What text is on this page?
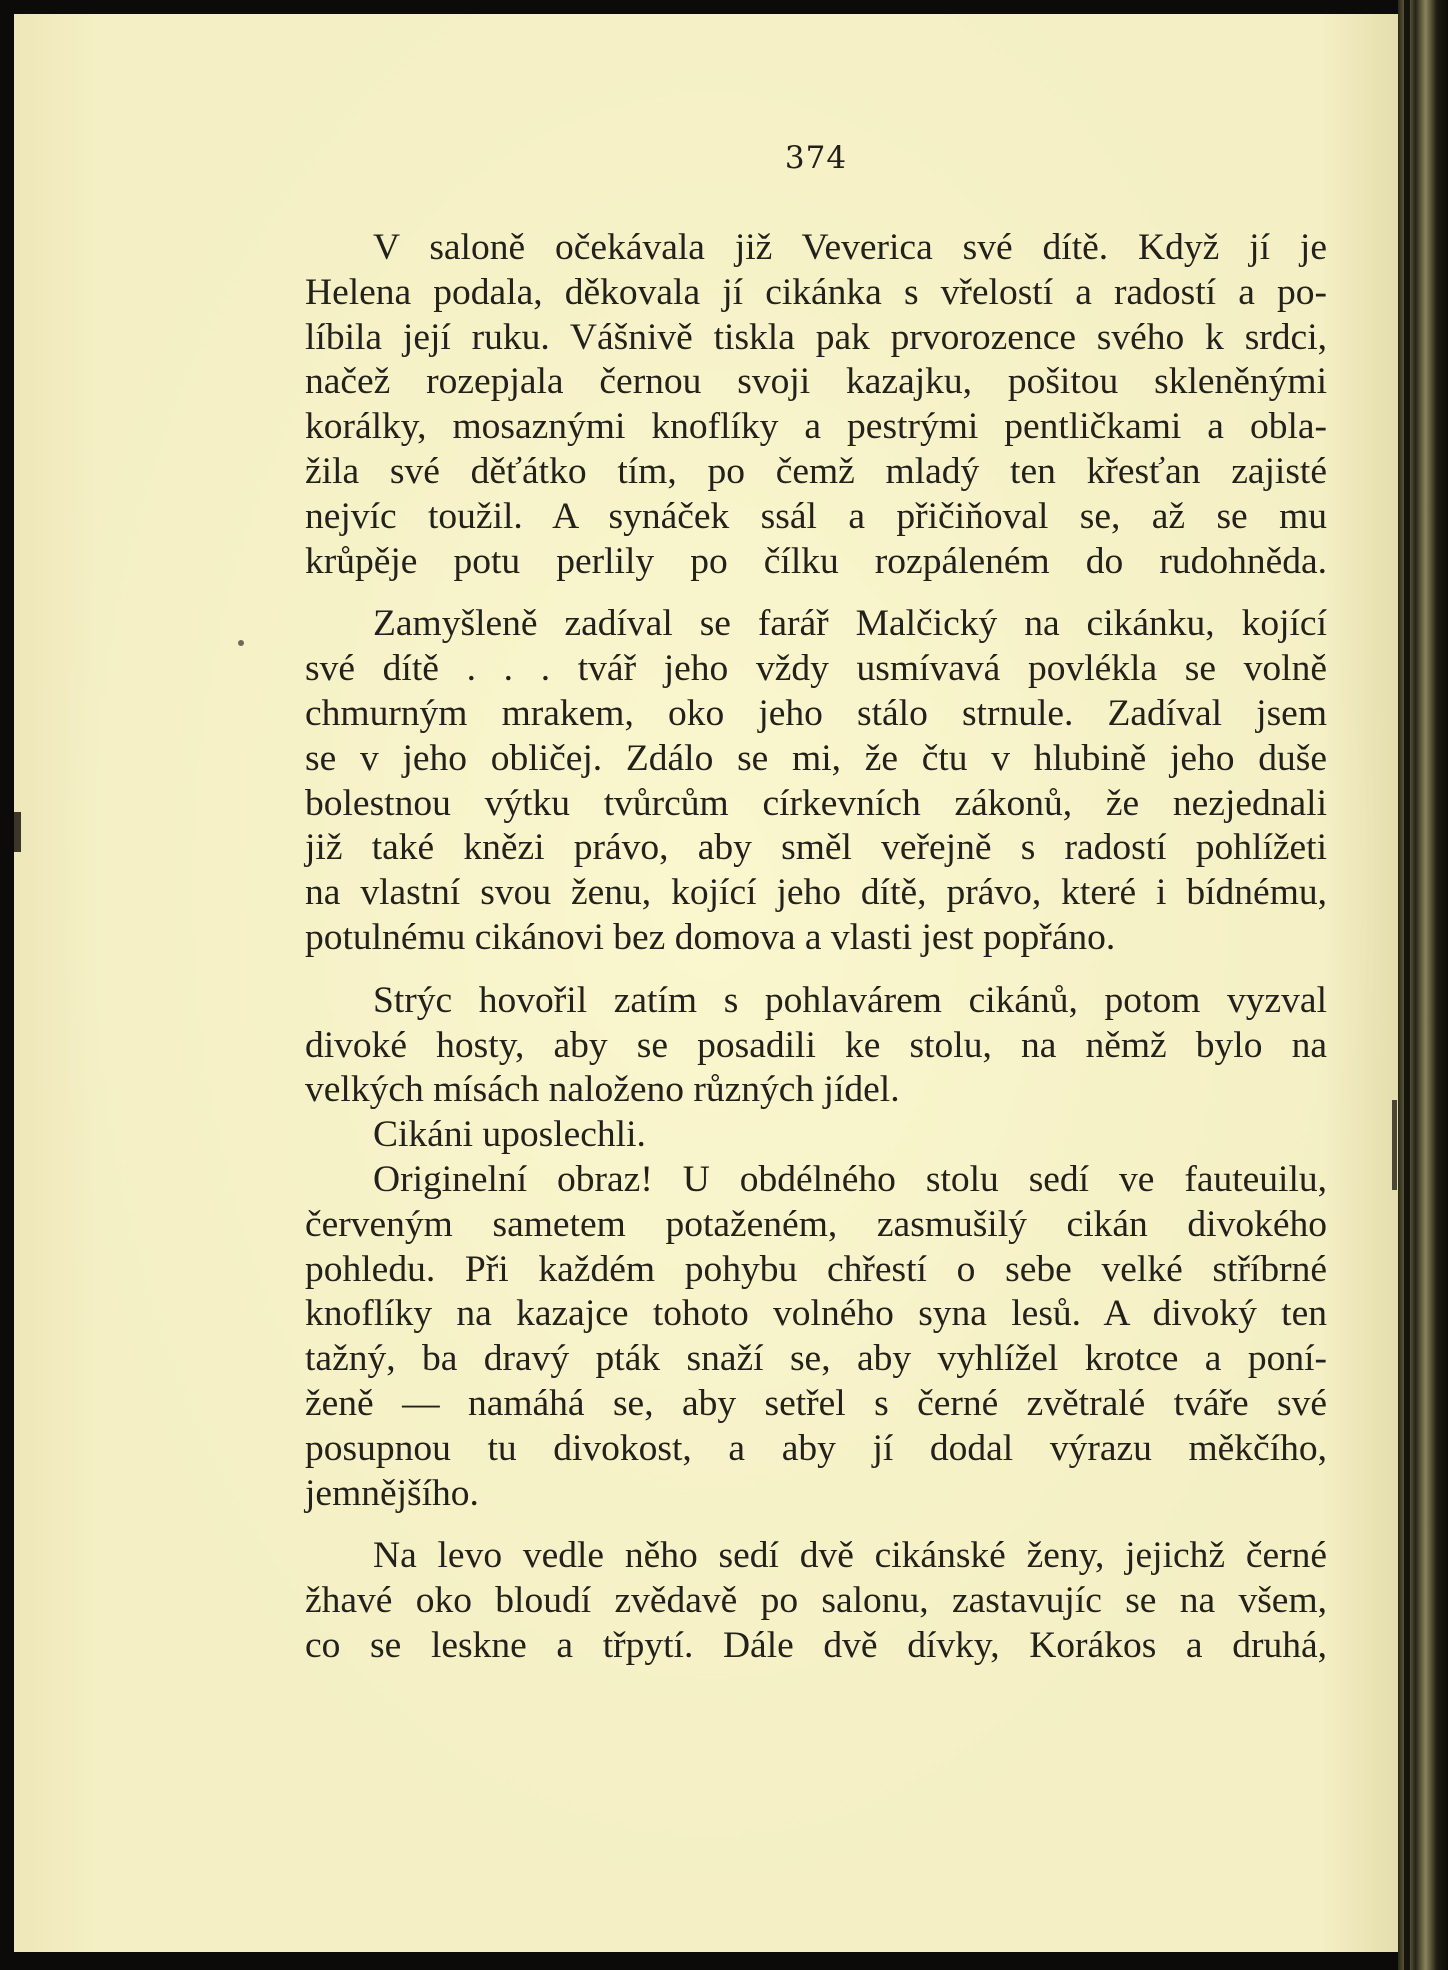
374

V saloně očekávala již Veverica své dítě. Když jí je
Helena podala, děkovala jí cikánka s vřelostí a radostí a po-
líbila její ruku. Vášnivě tiskla pak prvorozence svého k srdci,
načež rozepjala černou svoji kazajku, pošitou skleněnými
korálky, mosaznými knoflíky a pestrými pentličkami a obla-
žila své děťátko tím, po čemž mladý ten křesťan zajisté
nejvíc toužil. A synáček ssál a přičiňoval se, až se mu
krůpěje potu perlily po čílku rozpáleném do rudohněda.

Zamyšleně zadíval se farář Malčický na cikánku, kojící
své dítě . . . tvář jeho vždy usmívavá povlékla se volně
chmurným mrakem, oko jeho stálo strnule. Zadíval jsem
se v jeho obličej. Zdálo se mi, že čtu v hlubině jeho duše
bolestnou výtku tvůrcům církevních zákonů, že nezjednali
již také knězi právo, aby směl veřejně s radostí pohlížeti
na vlastní svou ženu, kojící jeho dítě, právo, které i bídnému,
potulnému cikánovi bez domova a vlasti jest popřáno.

Strýc hovořil zatím s pohlavárem cikánů, potom vyzval
divoké hosty, aby se posadili ke stolu, na němž bylo na
velkých mísách naloženo různých jídel.

Cikáni uposlechli.

Originelní obraz! U obdélného stolu sedí ve fauteuilu,
červeným sametem potaženém, zasmušilý cikán divokého
pohledu. Při každém pohybu chřestí o sebe velké stříbrné
knoflíky na kazajce tohoto volného syna lesů. A divoký ten
tažný, ba dravý pták snaží se, aby vyhlížel krotce a poní-
ženě — namáhá se, aby setřel s černé zvětralé tváře své
posupnou tu divokost, a aby jí dodal výrazu měkčího,
jemnějšího.

Na levo vedle něho sedí dvě cikánské ženy, jejichž černé
žhavé oko bloudí zvědavě po salonu, zastavujíc se na všem,
co se leskne a třpytí. Dále dvě dívky, Korákos a druhá,
